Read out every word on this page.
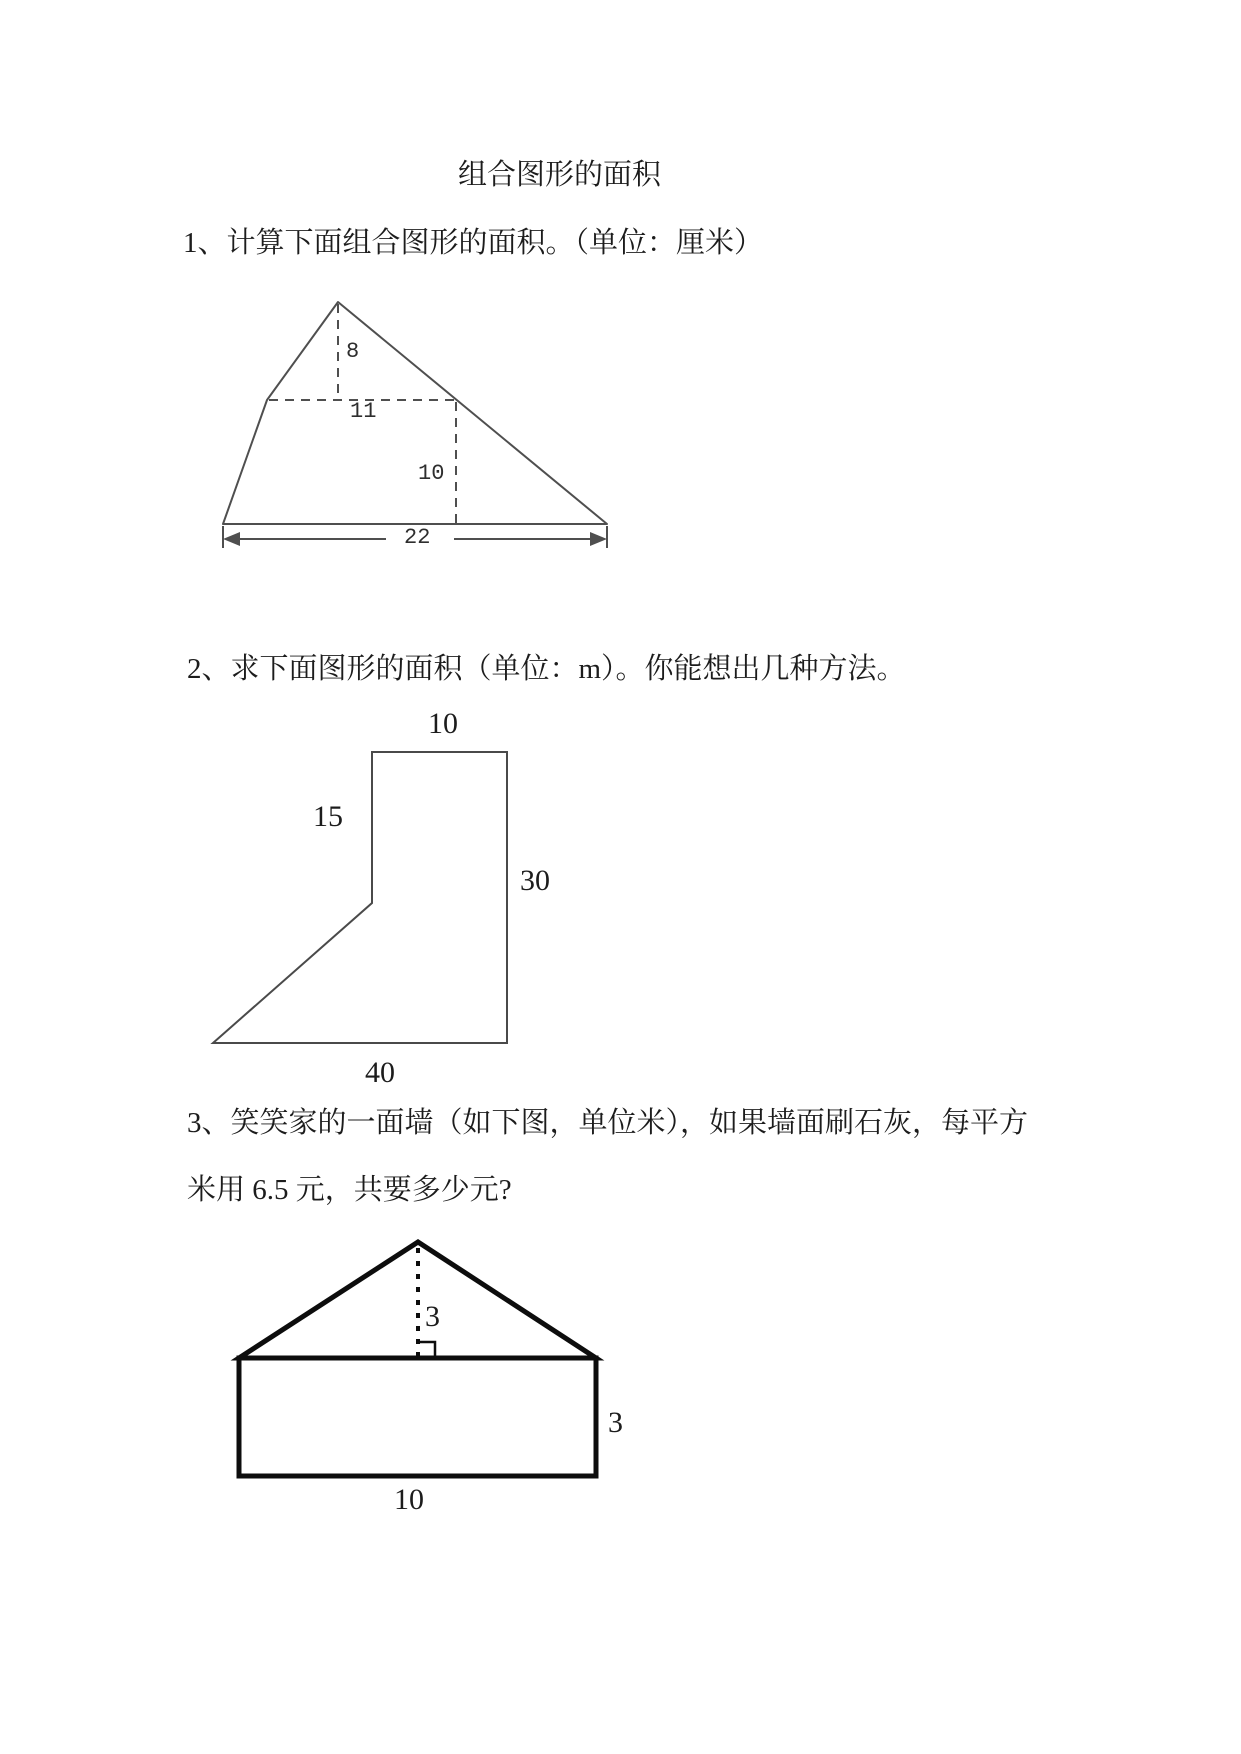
组合图形的面积
1、计算下面组合图形的面积。（单位：厘米）
8
11
10
22
2、求下面图形的面积（单位：m）。你能想出几种方法。
10
15
30
40
3、笑笑家的一面墙（如下图，单位米），如果墙面刷石灰，每平方
米用 6.5 元，共要多少元?
3
3
10
